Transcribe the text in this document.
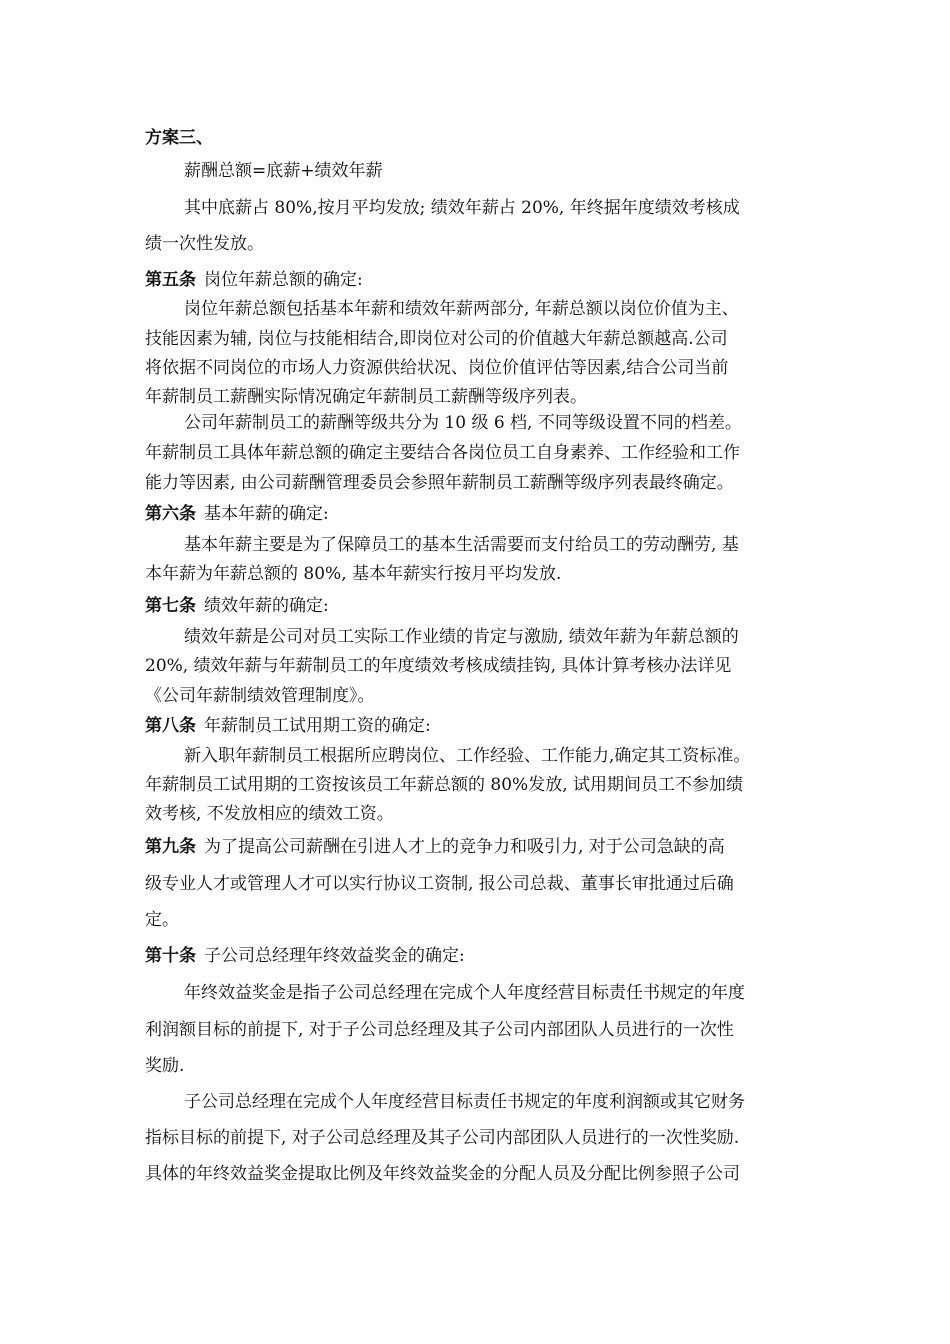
方案三、
薪酬总额=底薪+绩效年薪
其中底薪占 80%,按月平均发放; 绩效年薪占 20%, 年终据年度绩效考核成
绩一次性发放。
第五条 岗位年薪总额的确定:
岗位年薪总额包括基本年薪和绩效年薪两部分, 年薪总额以岗位价值为主、
技能因素为辅, 岗位与技能相结合,即岗位对公司的价值越大年薪总额越高.公司
将依据不同岗位的市场人力资源供给状况、岗位价值评估等因素,结合公司当前
年薪制员工薪酬实际情况确定年薪制员工薪酬等级序列表。
公司年薪制员工的薪酬等级共分为 10 级 6 档, 不同等级设置不同的档差。
年薪制员工具体年薪总额的确定主要结合各岗位员工自身素养、工作经验和工作
能力等因素, 由公司薪酬管理委员会参照年薪制员工薪酬等级序列表最终确定。
第六条 基本年薪的确定:
基本年薪主要是为了保障员工的基本生活需要而支付给员工的劳动酬劳, 基
本年薪为年薪总额的 80%, 基本年薪实行按月平均发放.
第七条 绩效年薪的确定:
绩效年薪是公司对员工实际工作业绩的肯定与激励, 绩效年薪为年薪总额的
20%, 绩效年薪与年薪制员工的年度绩效考核成绩挂钩, 具体计算考核办法详见
《公司年薪制绩效管理制度》。
第八条 年薪制员工试用期工资的确定:
新入职年薪制员工根据所应聘岗位、工作经验、工作能力,确定其工资标准。
年薪制员工试用期的工资按该员工年薪总额的 80%发放, 试用期间员工不参加绩
效考核, 不发放相应的绩效工资。
第九条 为了提高公司薪酬在引进人才上的竞争力和吸引力, 对于公司急缺的高
级专业人才或管理人才可以实行协议工资制, 报公司总裁、董事长审批通过后确
定。
第十条 子公司总经理年终效益奖金的确定:
年终效益奖金是指子公司总经理在完成个人年度经营目标责任书规定的年度
利润额目标的前提下, 对于子公司总经理及其子公司内部团队人员进行的一次性
奖励.
子公司总经理在完成个人年度经营目标责任书规定的年度利润额或其它财务
指标目标的前提下, 对子公司总经理及其子公司内部团队人员进行的一次性奖励.
具体的年终效益奖金提取比例及年终效益奖金的分配人员及分配比例参照子公司
